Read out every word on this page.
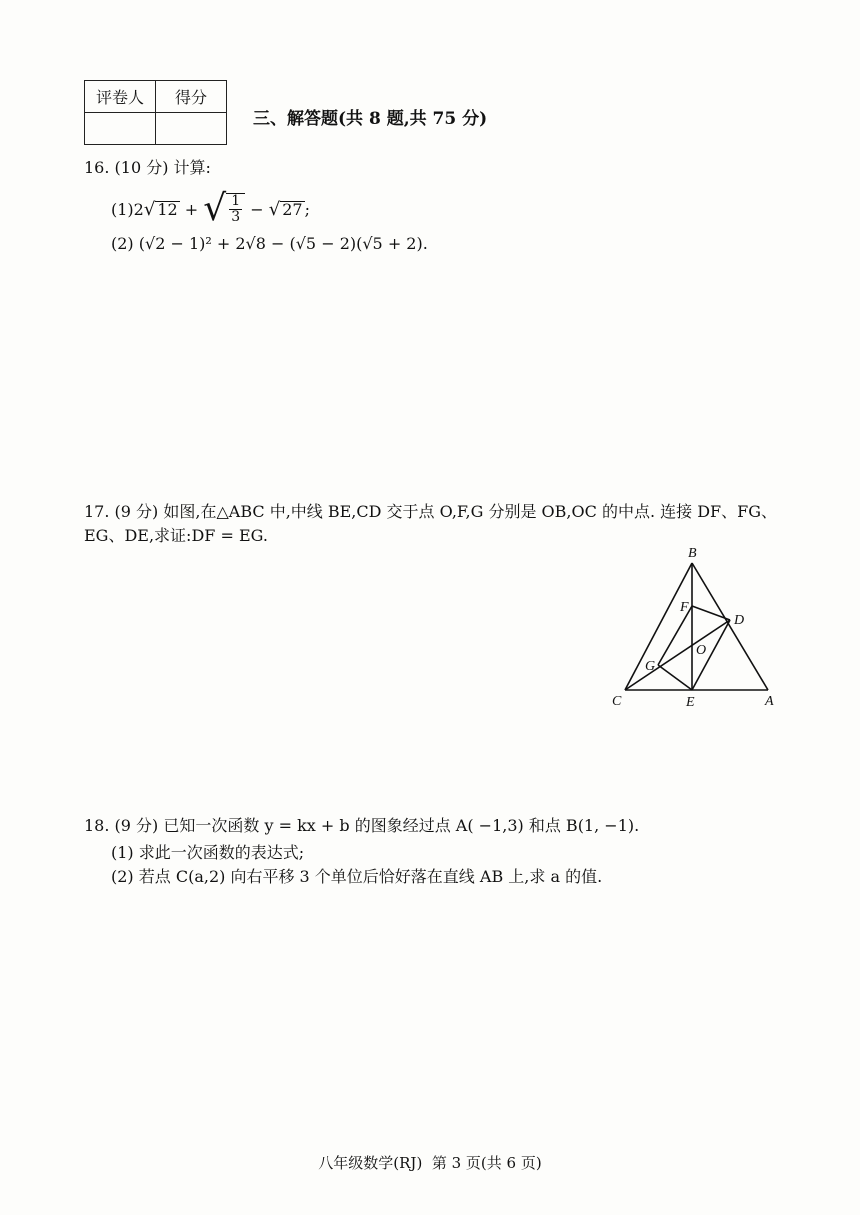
评卷人	得分

三、解答题(共 8 题,共 75 分)
16. (10 分) 计算:
(1)2 √ 12 + √ $\frac{1}{3}$ − √ 27 ;
(2) (√2 − 1)² + 2√8 − (√5 − 2)(√5 + 2).
17. (9 分) 如图,在△ABC 中,中线 BE,CD 交于点 O,F,G 分别是 OB,OC 的中点. 连接 DF、FG、EG、DE,求证:DF = EG.
B
F
D
O
G
C	E	A
18. (9 分) 已知一次函数 y = kx + b 的图象经过点 A( −1,3) 和点 B(1, −1).
(1) 求此一次函数的表达式;
(2) 若点 C(a,2) 向右平移 3 个单位后恰好落在直线 AB 上,求 a 的值.
八年级数学(RJ)  第 3 页(共 6 页)
